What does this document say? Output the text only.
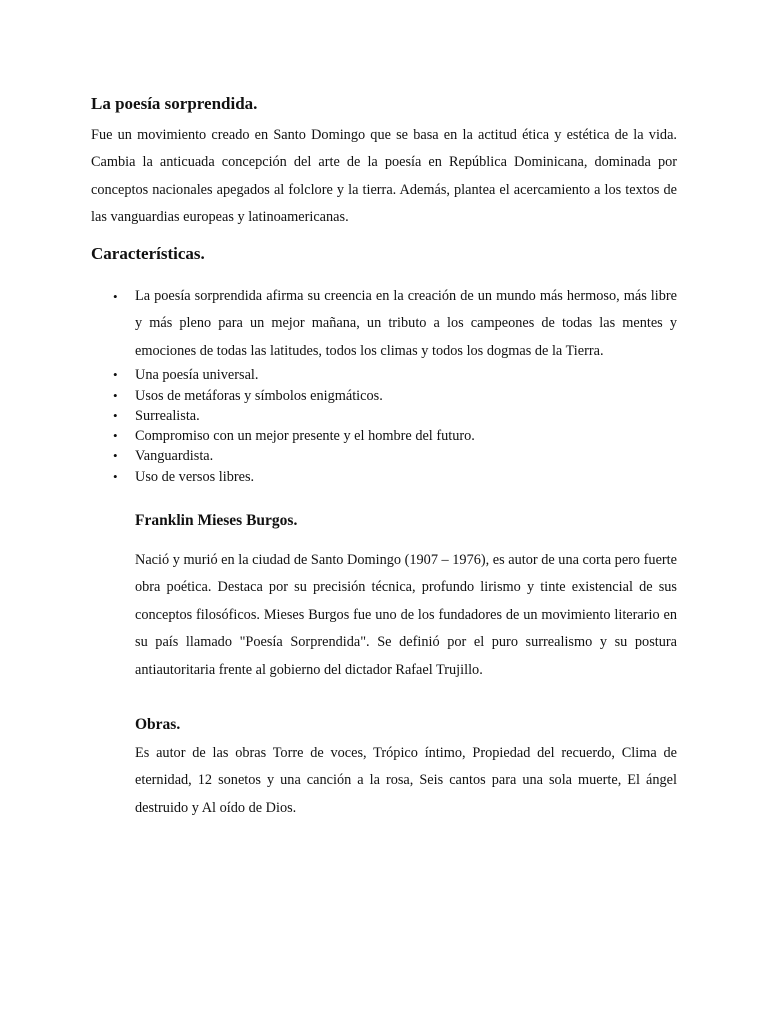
La poesía sorprendida.

Fue un movimiento creado en Santo Domingo que se basa en la actitud ética y estética de la vida. Cambia la anticuada concepción del arte de la poesía en República Dominicana, dominada por conceptos nacionales apegados al folclore y la tierra. Además, plantea el acercamiento a los textos de las vanguardias europeas y latinoamericanas.

Características.
• La poesía sorprendida afirma su creencia en la creación de un mundo más hermoso, más libre y más pleno para un mejor mañana, un tributo a los campeones de todas las mentes y emociones de todas las latitudes, todos los climas y todos los dogmas de la Tierra.
• Una poesía universal.
• Usos de metáforas y símbolos enigmáticos.
• Surrealista.
• Compromiso con un mejor presente y el hombre del futuro.
• Vanguardista.
• Uso de versos libres.
Franklin Mieses Burgos.

Nació y murió en la ciudad de Santo Domingo (1907 – 1976), es autor de una corta pero fuerte obra poética. Destaca por su precisión técnica, profundo lirismo y tinte existencial de sus conceptos filosóficos. Mieses Burgos fue uno de los fundadores de un movimiento literario en su país llamado "Poesía Sorprendida". Se definió por el puro surrealismo y su postura antiautoritaria frente al gobierno del dictador Rafael Trujillo.

Obras.

Es autor de las obras Torre de voces, Trópico íntimo, Propiedad del recuerdo, Clima de eternidad, 12 sonetos y una canción a la rosa, Seis cantos para una sola muerte, El ángel destruido y Al oído de Dios.
